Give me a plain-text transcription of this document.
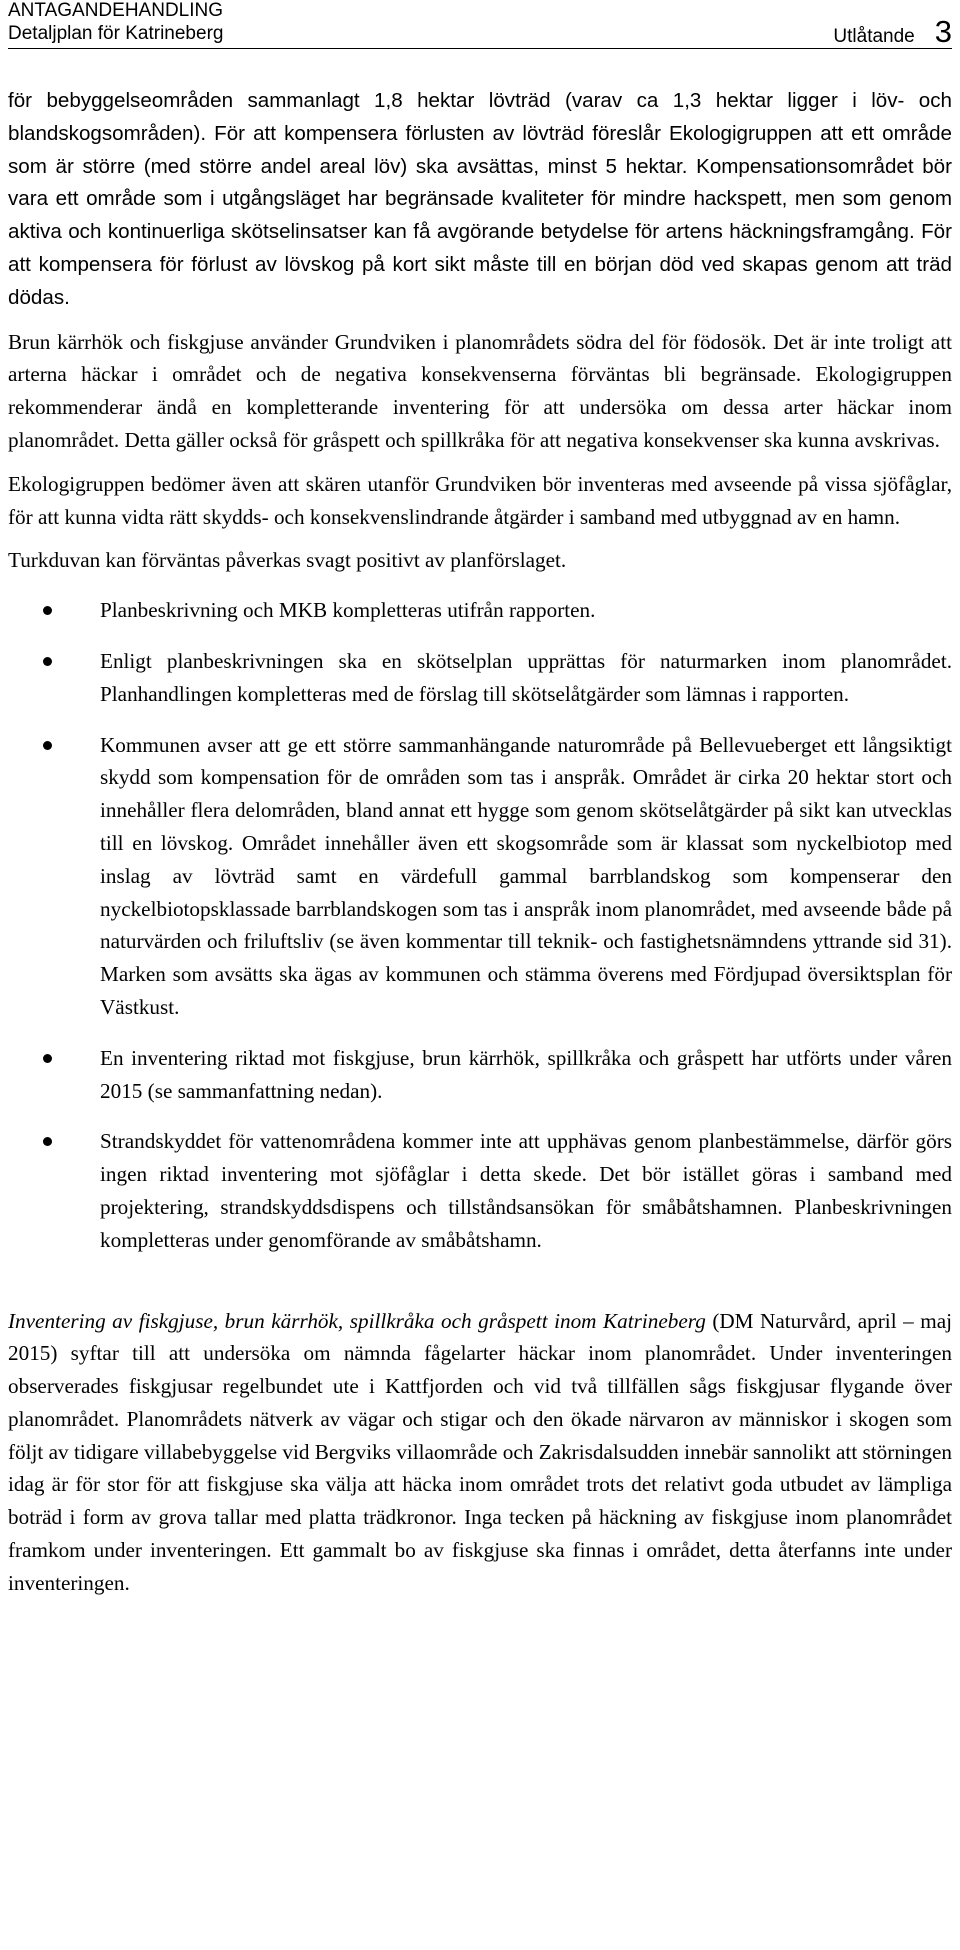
ANTAGANDEHANDLING
Detaljplan för Katrineberg	Utlåtande 3

för bebyggelseområden sammanlagt 1,8 hektar lövträd (varav ca 1,3 hektar ligger i löv- och blandskogsområden). För att kompensera förlusten av lövträd föreslår Ekologigruppen att ett område som är större (med större andel areal löv) ska avsättas, minst 5 hektar. Kompensationsområdet bör vara ett område som i utgångsläget har begränsade kvaliteter för mindre hackspett, men som genom aktiva och kontinuerliga skötselinsatser kan få avgörande betydelse för artens häckningsframgång. För att kompensera för förlust av lövskog på kort sikt måste till en början död ved skapas genom att träd dödas.

Brun kärrhök och fiskgjuse använder Grundviken i planområdets södra del för födosök. Det är inte troligt att arterna häckar i området och de negativa konsekvenserna förväntas bli begränsade. Ekologigruppen rekommenderar ändå en kompletterande inventering för att undersöka om dessa arter häckar inom planområdet. Detta gäller också för gråspett och spillkråka för att negativa konsekvenser ska kunna avskrivas.

Ekologigruppen bedömer även att skären utanför Grundviken bör inventeras med avseende på vissa sjöfåglar, för att kunna vidta rätt skydds- och konsekvenslindrande åtgärder i samband med utbyggnad av en hamn.

Turkduvan kan förväntas påverkas svagt positivt av planförslaget.

Planbeskrivning och MKB kompletteras utifrån rapporten.
Enligt planbeskrivningen ska en skötselplan upprättas för naturmarken inom planområdet. Planhandlingen kompletteras med de förslag till skötselåtgärder som lämnas i rapporten.
Kommunen avser att ge ett större sammanhängande naturområde på Bellevueberget ett långsiktigt skydd som kompensation för de områden som tas i anspråk. Området är cirka 20 hektar stort och innehåller flera delområden, bland annat ett hygge som genom skötselåtgärder på sikt kan utvecklas till en lövskog. Området innehåller även ett skogsområde som är klassat som nyckelbiotop med inslag av lövträd samt en värdefull gammal barrblandskog som kompenserar den nyckelbiotopsklassade barrblandskogen som tas i anspråk inom planområdet, med avseende både på naturvärden och friluftsliv (se även kommentar till teknik- och fastighetsnämndens yttrande sid 31). Marken som avsätts ska ägas av kommunen och stämma överens med Fördjupad översiktsplan för Västkust.
En inventering riktad mot fiskgjuse, brun kärrhök, spillkråka och gråspett har utförts under våren 2015 (se sammanfattning nedan).
Strandskyddet för vattenområdena kommer inte att upphävas genom planbestämmelse, därför görs ingen riktad inventering mot sjöfåglar i detta skede. Det bör istället göras i samband med projektering, strandskyddsdispens och tillståndsansökan för småbåtshamnen. Planbeskrivningen kompletteras under genomförande av småbåtshamn.

Inventering av fiskgjuse, brun kärrhök, spillkråka och gråspett inom Katrineberg (DM Naturvård, april – maj 2015) syftar till att undersöka om nämnda fågelarter häckar inom planområdet. Under inventeringen observerades fiskgjusar regelbundet ute i Kattfjorden och vid två tillfällen sågs fiskgjusar flygande över planområdet. Planområdets nätverk av vägar och stigar och den ökade närvaron av människor i skogen som följt av tidigare villabebyggelse vid Bergviks villaområde och Zakrisdalsudden innebär sannolikt att störningen idag är för stor för att fiskgjuse ska välja att häcka inom området trots det relativt goda utbudet av lämpliga boträd i form av grova tallar med platta trädkronor. Inga tecken på häckning av fiskgjuse inom planområdet framkom under inventeringen. Ett gammalt bo av fiskgjuse ska finnas i området, detta återfanns inte under inventeringen.
